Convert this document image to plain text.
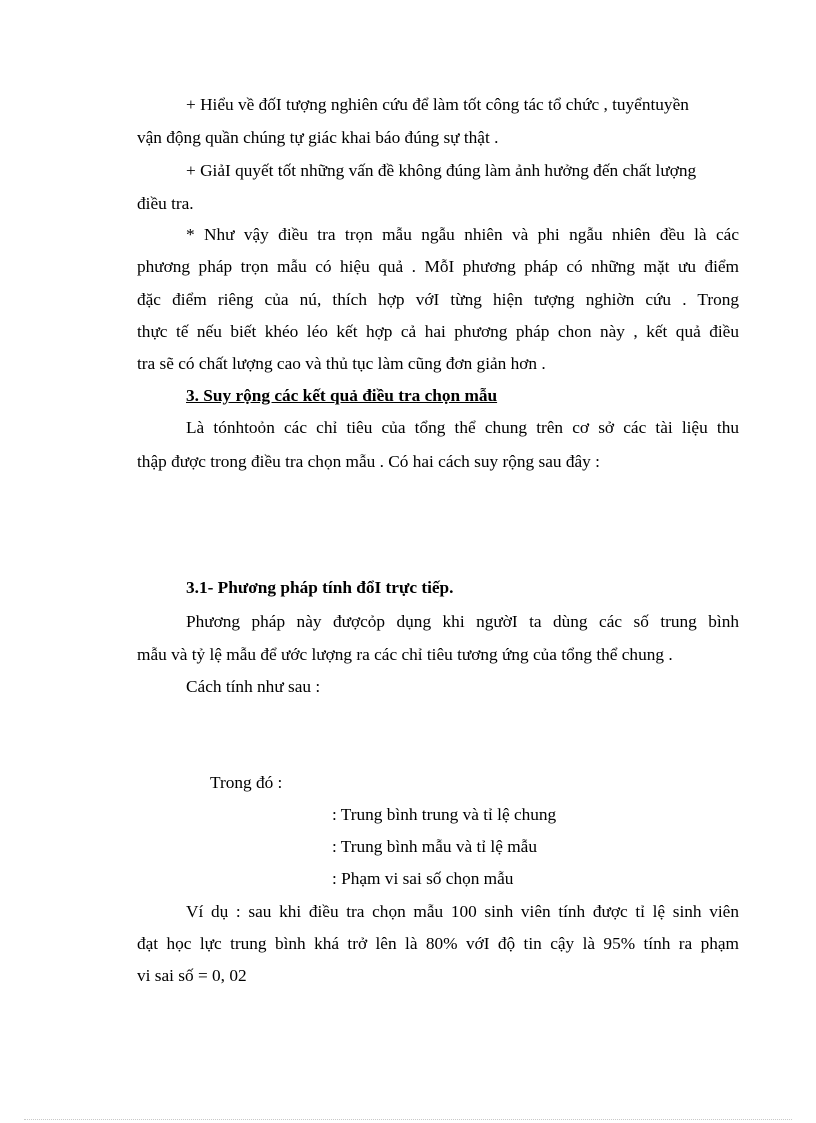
+ Hiểu về đốI tượng nghiên cứu để làm tốt công tác tổ chức , tuyểntuyền
vận động quần chúng tự giác khai báo đúng sự thật .
+ GiảI quyết tốt những vấn đề không đúng làm ảnh hưởng đến chất lượng
điều tra.
* Như vậy điều tra trọn mẫu ngẫu nhiên và phi ngẫu nhiên đều là các
phương pháp trọn mẫu có hiệu quả . MỗI phương pháp có những mặt ưu điểm
đặc điểm riêng của nú, thích hợp vớI từng hiện tượng nghiờn cứu . Trong
thực tế nếu biết khéo léo kết hợp cả hai phương pháp chon này , kết quả điều
tra sẽ có chất lượng cao và thủ tục làm cũng đơn giản hơn .
3. Suy rộng các kết quả điều tra chọn mẫu
Là tónhtoỏn các chỉ tiêu của tổng thể chung trên cơ sở các tài liệu thu
thập được trong điều tra chọn mẫu . Có hai cách suy rộng sau đây :
3.1- Phương pháp tính đổI trực tiếp.
Phương pháp này đượcỏp dụng khi ngườI ta dùng các số trung bình
mẫu và tỷ lệ mẫu để ước lượng ra các chỉ tiêu tương ứng của tổng thể chung .
Cách tính như sau :
Trong đó :
: Trung bình trung và tỉ lệ chung
: Trung bình mẫu và tỉ lệ mẫu
: Phạm vi sai số chọn mẫu
Ví dụ : sau khi điều tra chọn mẫu 100 sinh viên tính được tỉ lệ sinh viên
đạt học lực trung bình khá trở lên là 80% vớI độ tin cậy là 95% tính ra phạm
vi sai số = 0, 02
